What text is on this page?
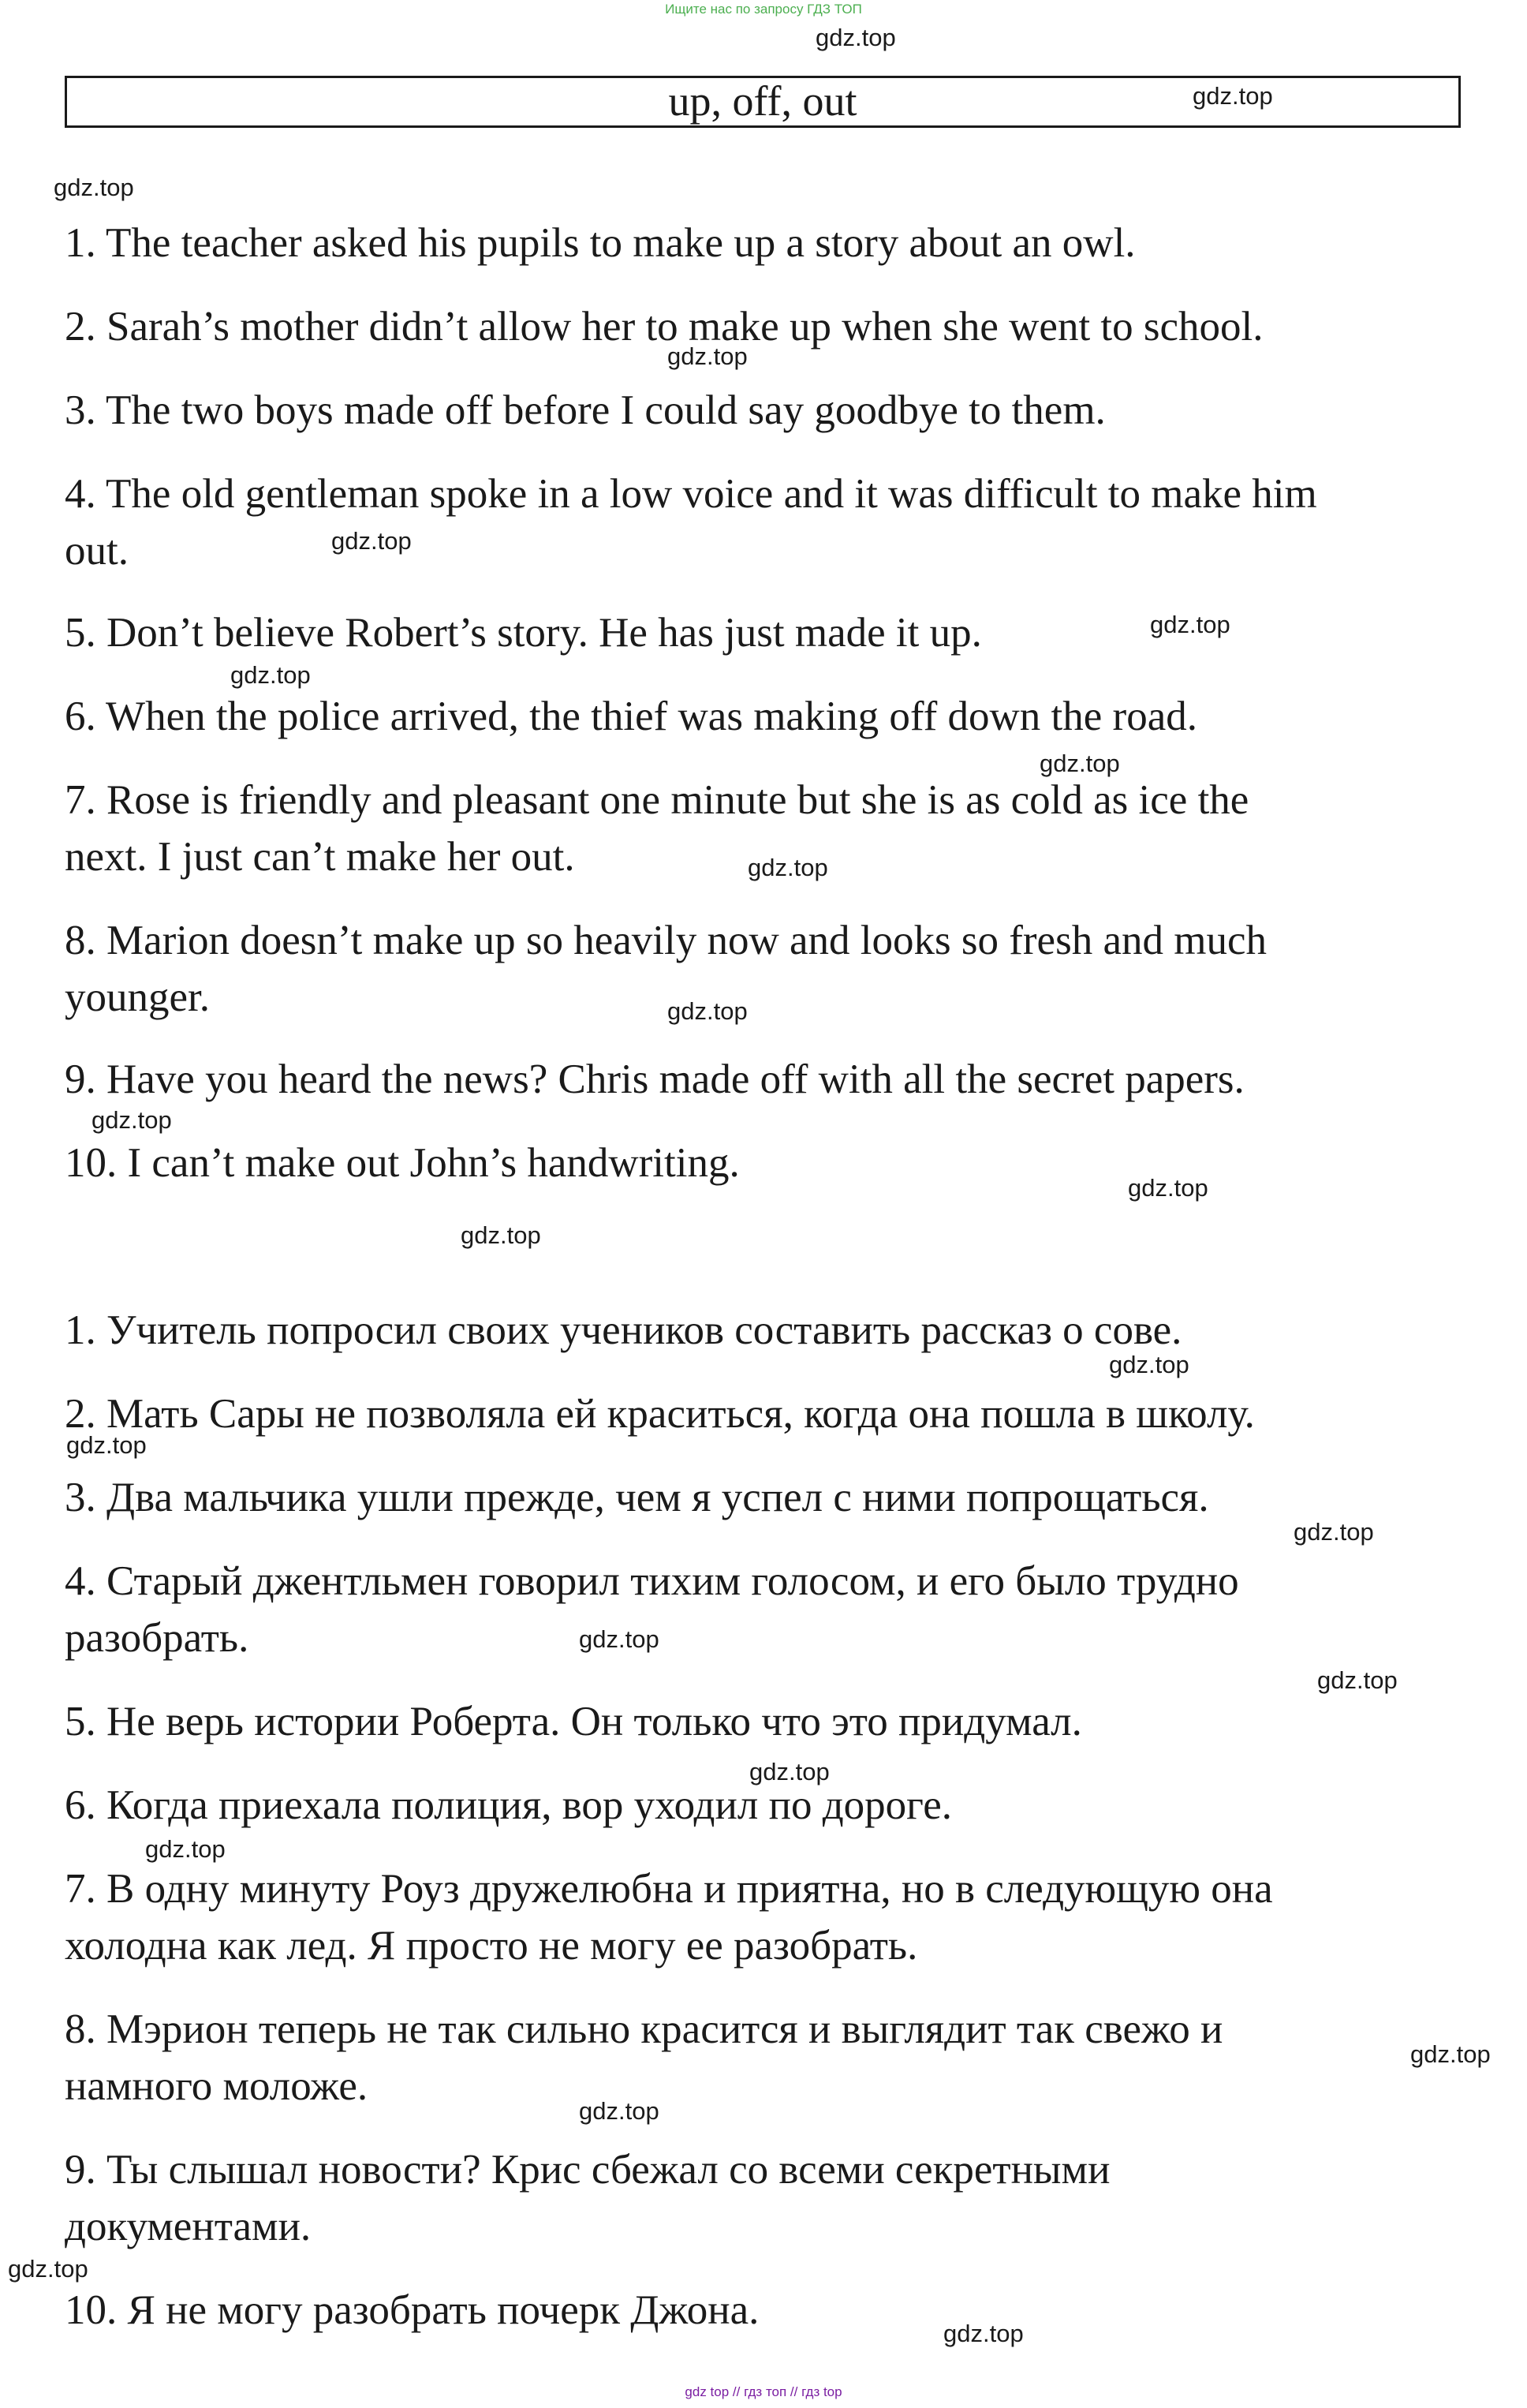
Ищите нас по запросу ГДЗ ТОП
gdz.top
up, off, out	gdz.top
gdz.top
1. The teacher asked his pupils to make up a story about an owl.
2. Sarah’s mother didn’t allow her to make up when she went to school.
gdz.top
3. The two boys made off before I could say goodbye to them.
4. The old gentleman spoke in a low voice and it was difficult to make him
out.	gdz.top
5. Don’t believe Robert’s story. He has just made it up.	gdz.top
gdz.top
6. When the police arrived, the thief was making off down the road.
gdz.top
7. Rose is friendly and pleasant one minute but she is as cold as ice the
next. I just can’t make her out.	gdz.top
8. Marion doesn’t make up so heavily now and looks so fresh and much
younger.	gdz.top
9. Have you heard the news? Chris made off with all the secret papers.
gdz.top
10. I can’t make out John’s handwriting.
gdz.top
gdz.top
1. Учитель попросил своих учеников составить рассказ о сове.
gdz.top
2. Мать Сары не позволяла ей краситься, когда она пошла в школу.
gdz.top
3. Два мальчика ушли прежде, чем я успел с ними попрощаться.
gdz.top
4. Старый джентльмен говорил тихим голосом, и его было трудно
разобрать.	gdz.top
gdz.top
5. Не верь истории Роберта. Он только что это придумал.
gdz.top
6. Когда приехала полиция, вор уходил по дороге.
gdz.top
7. В одну минуту Роуз дружелюбна и приятна, но в следующую она
холодна как лед. Я просто не могу ее разобрать.
8. Мэрион теперь не так сильно красится и выглядит так свежо и
gdz.top
намного моложе.
gdz.top
9. Ты слышал новости? Крис сбежал со всеми секретными
документами.
gdz.top
10. Я не могу разобрать почерк Джона.
gdz.top
gdz top // гдз топ // гдз top
